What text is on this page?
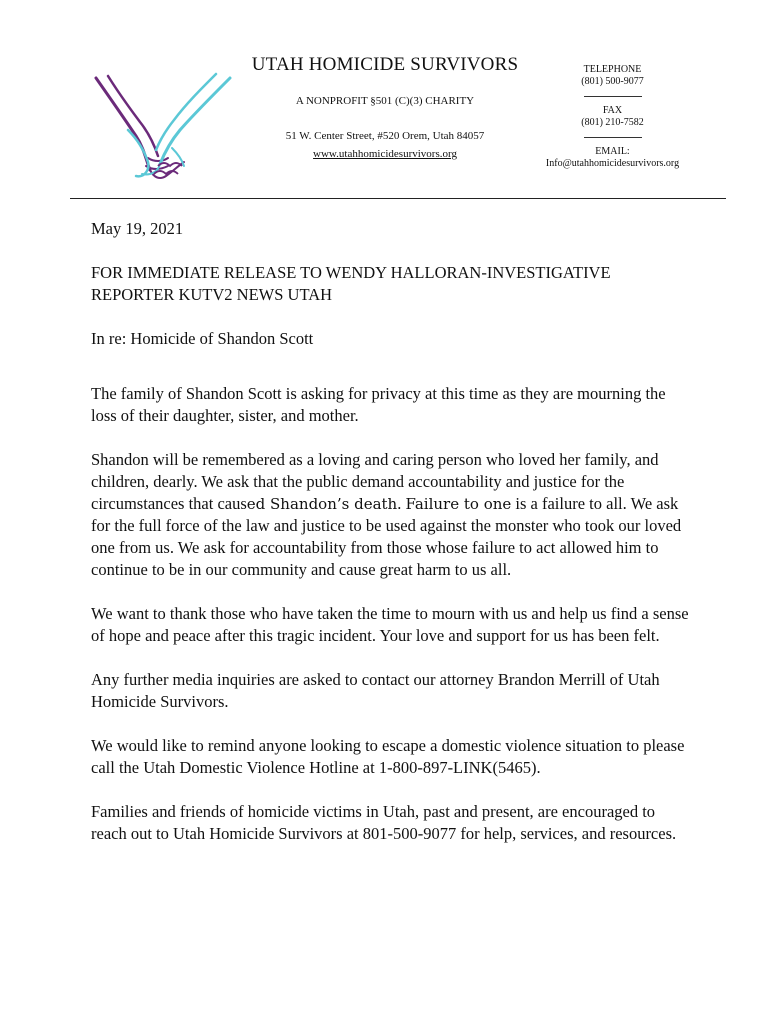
UTAH HOMICIDE SURVIVORS
A NONPROFIT §501 (C)(3) CHARITY
51 W. Center Street, #520 Orem, Utah 84057
www.utahhomicidesurvivors.org
TELEPHONE
(801) 500-9077
FAX
(801) 210-7582
EMAIL:
Info@utahhomicidesurvivors.org

May 19, 2021

FOR IMMEDIATE RELEASE TO WENDY HALLORAN-INVESTIGATIVE REPORTER KUTV2 NEWS UTAH

In re: Homicide of Shandon Scott

The family of Shandon Scott is asking for privacy at this time as they are mourning the loss of their daughter, sister, and mother.

Shandon will be remembered as a loving and caring person who loved her family, and children, dearly. We ask that the public demand accountability and justice for the circumstances that caused Shandon’s death. Failure to one is a failure to all. We ask for the full force of the law and justice to be used against the monster who took our loved one from us. We ask for accountability from those whose failure to act allowed him to continue to be in our community and cause great harm to us all.

We want to thank those who have taken the time to mourn with us and help us find a sense of hope and peace after this tragic incident. Your love and support for us has been felt.

Any further media inquiries are asked to contact our attorney Brandon Merrill of Utah Homicide Survivors.

We would like to remind anyone looking to escape a domestic violence situation to please call the Utah Domestic Violence Hotline at 1-800-897-LINK(5465).

Families and friends of homicide victims in Utah, past and present, are encouraged to reach out to Utah Homicide Survivors at 801-500-9077 for help, services, and resources.
